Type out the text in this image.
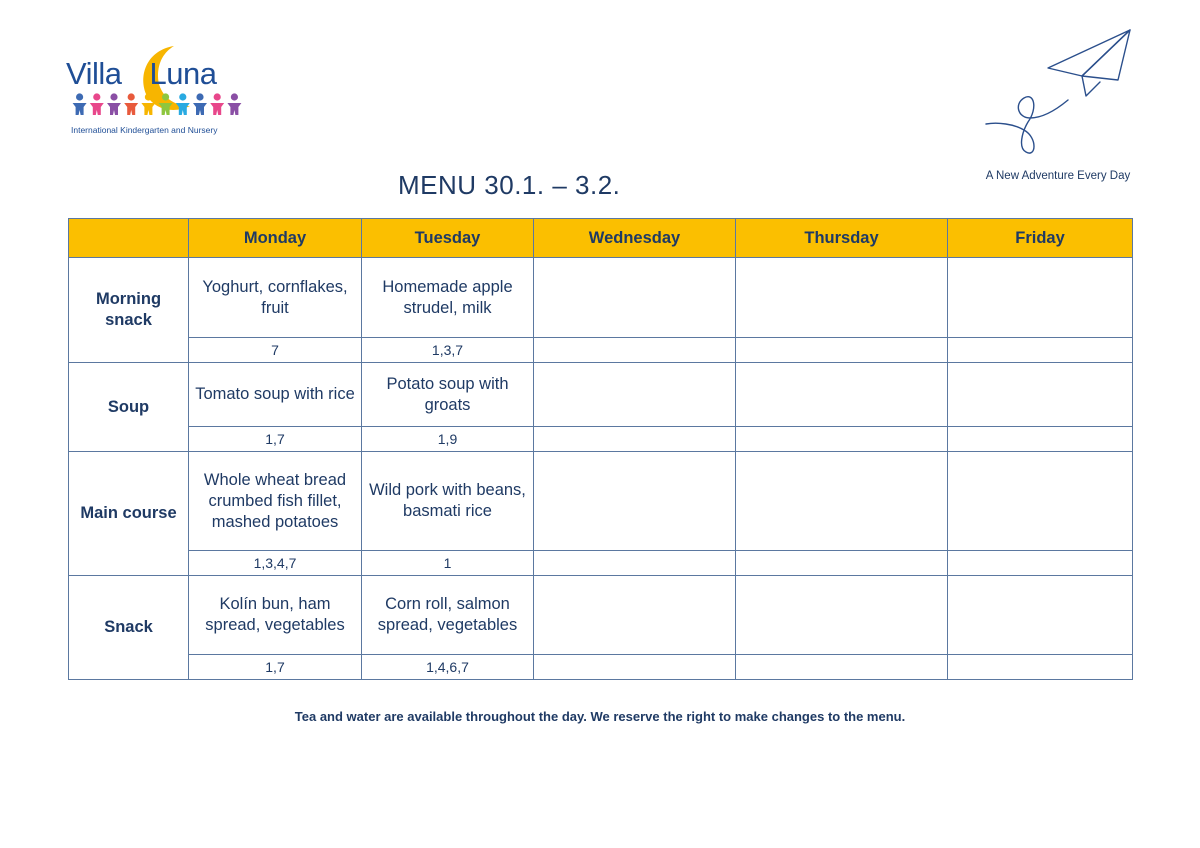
Villa Luna
International Kindergarten and Nursery
A New Adventure Every Day
MENU 30.1. – 3.2.
	Monday	Tuesday	Wednesday	Thursday	Friday
Morning snack	Yoghurt, cornflakes, fruit	Homemade apple strudel, milk			
	7	1,3,7			
Soup	Tomato soup with rice	Potato soup with groats			
	1,7	1,9			
Main course	Whole wheat bread crumbed fish fillet, mashed potatoes	Wild pork with beans, basmati rice			
	1,3,4,7	1			
Snack	Kolín bun, ham spread, vegetables	Corn roll, salmon spread, vegetables			
	1,7	1,4,6,7			
Tea and water are available throughout the day. We reserve the right to make changes to the menu.
